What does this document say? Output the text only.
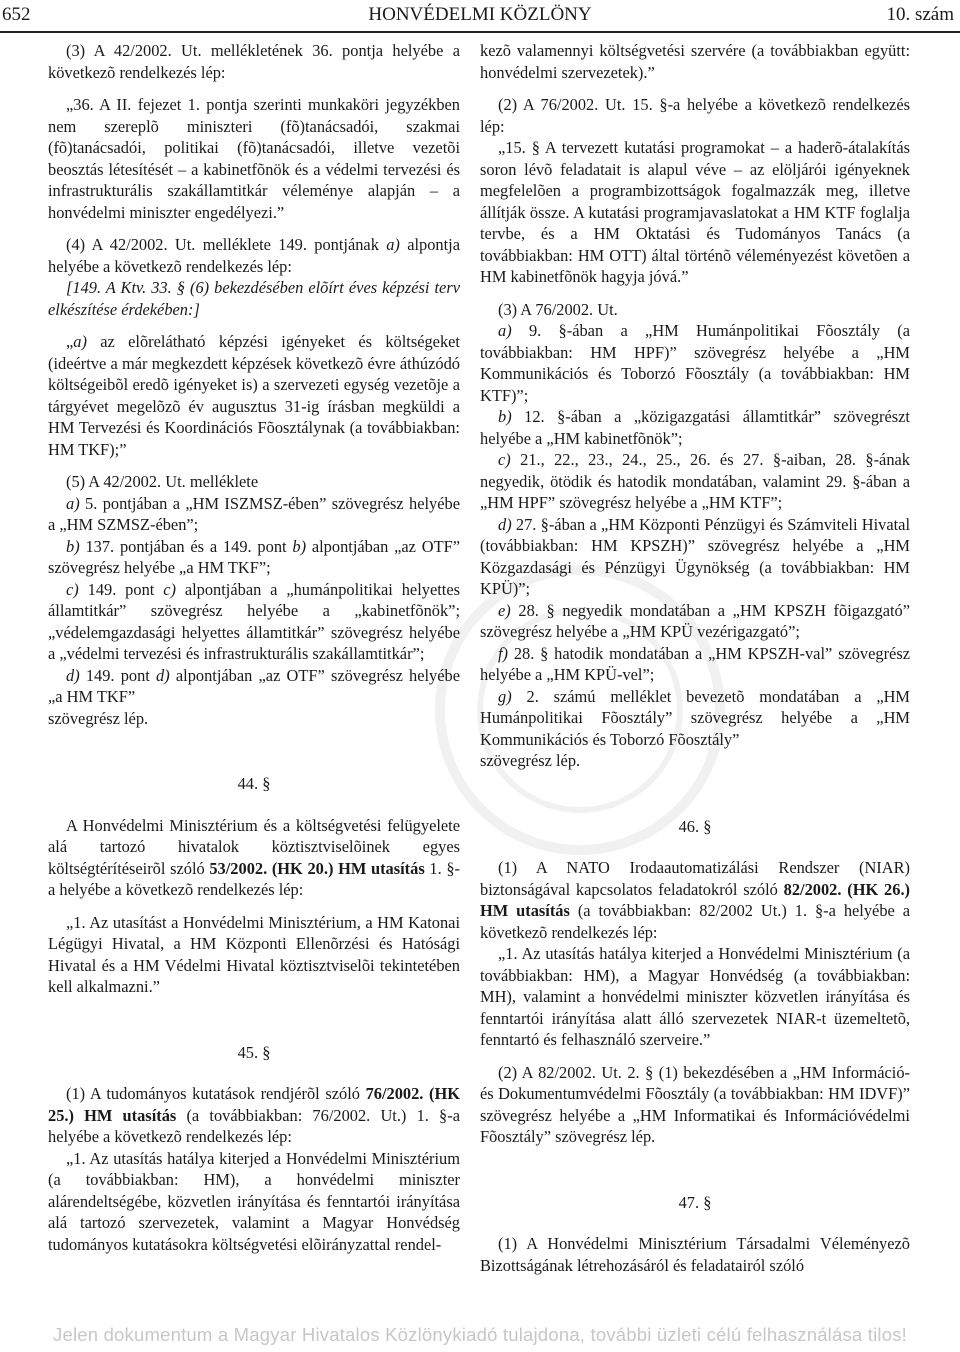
652	HONVÉDELMI KÖZLÖNY	10. szám

(3) A 42/2002. Ut. mellékletének 36. pontja helyébe a következõ rendelkezés lép:

„36. A II. fejezet 1. pontja szerinti munkaköri jegyzékben nem szereplõ miniszteri (fõ)tanácsadói, szakmai (fõ)tanácsadói, politikai (fõ)tanácsadói, illetve vezetõi beosztás létesítését – a kabinetfõnök és a védelmi tervezési és infrastrukturális szakállamtitkár véleménye alapján – a honvédelmi miniszter engedélyezi.”

(4) A 42/2002. Ut. melléklete 149. pontjának a) alpontja helyébe a következõ rendelkezés lép:

[149. A Ktv. 33. § (6) bekezdésében elõírt éves képzési terv elkészítése érdekében:]

„a) az elõrelátható képzési igényeket és költségeket (ideértve a már megkezdett képzések következõ évre áthúzódó költségeibõl eredõ igényeket is) a szervezeti egység vezetõje a tárgyévet megelõzõ év augusztus 31-ig írásban megküldi a HM Tervezési és Koordinációs Fõosztálynak (a továbbiakban: HM TKF);”

(5) A 42/2002. Ut. melléklete

a) 5. pontjában a „HM ISZMSZ-ében” szövegrész helyébe a „HM SZMSZ-ében”;

b) 137. pontjában és a 149. pont b) alpontjában „az OTF” szövegrész helyébe „a HM TKF”;

c) 149. pont c) alpontjában a „humánpolitikai helyettes államtitkár” szövegrész helyébe a „kabinetfõnök”; „védelemgazdasági helyettes államtitkár” szövegrész helyébe a „védelmi tervezési és infrastrukturális szakállamtitkár”;

d) 149. pont d) alpontjában „az OTF” szövegrész helyébe „a HM TKF”

szövegrész lép.

44. §

A Honvédelmi Minisztérium és a költségvetési felügyelete alá tartozó hivatalok köztisztviselõinek egyes költségtérítéseirõl szóló 53/2002. (HK 20.) HM utasítás 1. §-a helyébe a következõ rendelkezés lép:

„1. Az utasítást a Honvédelmi Minisztérium, a HM Katonai Légügyi Hivatal, a HM Központi Ellenõrzési és Hatósági Hivatal és a HM Védelmi Hivatal köztisztviselõi tekintetében kell alkalmazni.”

45. §

(1) A tudományos kutatások rendjérõl szóló 76/2002. (HK 25.) HM utasítás (a továbbiakban: 76/2002. Ut.) 1. §-a helyébe a következõ rendelkezés lép:

„1. Az utasítás hatálya kiterjed a Honvédelmi Minisztérium (a továbbiakban: HM), a honvédelmi miniszter alárendeltségébe, közvetlen irányítása és fenntartói irányítása alá tartozó szervezetek, valamint a Magyar Honvédség tudományos kutatásokra költségvetési elõirányzattal rendel-

kezõ valamennyi költségvetési szervére (a továbbiakban együtt: honvédelmi szervezetek).”

(2) A 76/2002. Ut. 15. §-a helyébe a következõ rendelkezés lép:

„15. § A tervezett kutatási programokat – a haderõ-átalakítás soron lévõ feladatait is alapul véve – az elöljárói igényeknek megfelelõen a programbizottságok fogalmazzák meg, illetve állítják össze. A kutatási programjavaslatokat a HM KTF foglalja tervbe, és a HM Oktatási és Tudományos Tanács (a továbbiakban: HM OTT) által történõ véleményezést követõen a HM kabinetfõnök hagyja jóvá.”

(3) A 76/2002. Ut.

a) 9. §-ában a „HM Humánpolitikai Fõosztály (a továbbiakban: HM HPF)” szövegrész helyébe a „HM Kommunikációs és Toborzó Fõosztály (a továbbiakban: HM KTF)”;

b) 12. §-ában a „közigazgatási államtitkár” szövegrészt helyébe a „HM kabinetfõnök”;

c) 21., 22., 23., 24., 25., 26. és 27. §-aiban, 28. §-ának negyedik, ötödik és hatodik mondatában, valamint 29. §-ában a „HM HPF” szövegrész helyébe a „HM KTF”;

d) 27. §-ában a „HM Központi Pénzügyi és Számviteli Hivatal (továbbiakban: HM KPSZH)” szövegrész helyébe a „HM Közgazdasági és Pénzügyi Ügynökség (a továbbiakban: HM KPÜ)”;

e) 28. § negyedik mondatában a „HM KPSZH fõigazgató” szövegrész helyébe a „HM KPÜ vezérigazgató”;

f) 28. § hatodik mondatában a „HM KPSZH-val” szövegrész helyébe a „HM KPÜ-vel”;

g) 2. számú melléklet bevezetõ mondatában a „HM Humánpolitikai Fõosztály” szövegrész helyébe a „HM Kommunikációs és Toborzó Fõosztály”

szövegrész lép.

46. §

(1) A NATO Irodaautomatizálási Rendszer (NIAR) biztonságával kapcsolatos feladatokról szóló 82/2002. (HK 26.) HM utasítás (a továbbiakban: 82/2002 Ut.) 1. §-a helyébe a következõ rendelkezés lép:

„1. Az utasítás hatálya kiterjed a Honvédelmi Minisztérium (a továbbiakban: HM), a Magyar Honvédség (a továbbiakban: MH), valamint a honvédelmi miniszter közvetlen irányítása és fenntartói irányítása alatt álló szervezetek NIAR-t üzemeltetõ, fenntartó és felhasználó szerveire.”

(2) A 82/2002. Ut. 2. § (1) bekezdésében a „HM Információ- és Dokumentumvédelmi Fõosztály (a továbbiakban: HM IDVF)” szövegrész helyébe a „HM Informatikai és Információvédelmi Fõosztály” szövegrész lép.

47. §

(1) A Honvédelmi Minisztérium Társadalmi Véleményezõ Bizottságának létrehozásáról és feladatairól szóló

Jelen dokumentum a Magyar Hivatalos Közlönykiadó tulajdona, további üzleti célú felhasználása tilos!
